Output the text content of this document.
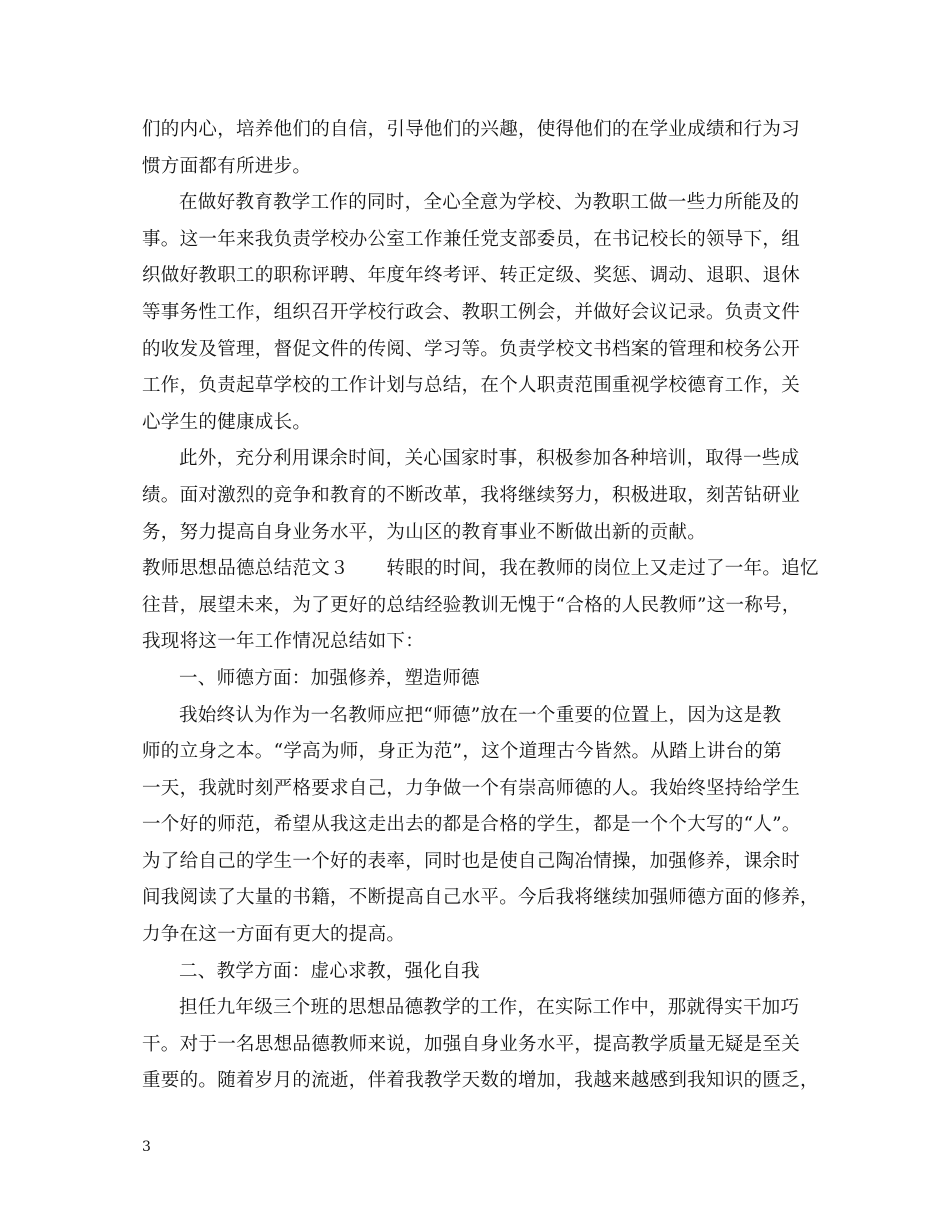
们的内心，培养他们的自信，引导他们的兴趣，使得他们的在学业成绩和行为习
惯方面都有所进步。
在做好教育教学工作的同时，全心全意为学校、为教职工做一些力所能及的
事。这一年来我负责学校办公室工作兼任党支部委员，在书记校长的领导下，组
织做好教职工的职称评聘、年度年终考评、转正定级、奖惩、调动、退职、退休
等事务性工作，组织召开学校行政会、教职工例会，并做好会议记录。负责文件
的收发及管理，督促文件的传阅、学习等。负责学校文书档案的管理和校务公开
工作，负责起草学校的工作计划与总结，在个人职责范围重视学校德育工作，关
心学生的健康成长。
此外，充分利用课余时间，关心国家时事，积极参加各种培训，取得一些成
绩。面对激烈的竞争和教育的不断改革，我将继续努力，积极进取，刻苦钻研业
务，努力提高自身业务水平，为山区的教育事业不断做出新的贡献。
教师思想品德总结范文３　　转眼的时间，我在教师的岗位上又走过了一年。追忆
往昔，展望未来，为了更好的总结经验教训无愧于“合格的人民教师”这一称号，
我现将这一年工作情况总结如下：
一、师德方面：加强修养，塑造师德
我始终认为作为一名教师应把“师德”放在一个重要的位置上，因为这是教
师的立身之本。“学高为师，身正为范”，这个道理古今皆然。从踏上讲台的第
一天，我就时刻严格要求自己，力争做一个有崇高师德的人。我始终坚持给学生
一个好的师范，希望从我这走出去的都是合格的学生，都是一个个大写的“人”。
为了给自己的学生一个好的表率，同时也是使自己陶冶情操，加强修养，课余时
间我阅读了大量的书籍，不断提高自己水平。今后我将继续加强师德方面的修养，
力争在这一方面有更大的提高。
二、教学方面：虚心求教，强化自我
担任九年级三个班的思想品德教学的工作，在实际工作中，那就得实干加巧
干。对于一名思想品德教师来说，加强自身业务水平，提高教学质量无疑是至关
重要的。随着岁月的流逝，伴着我教学天数的增加，我越来越感到我知识的匮乏，
3
